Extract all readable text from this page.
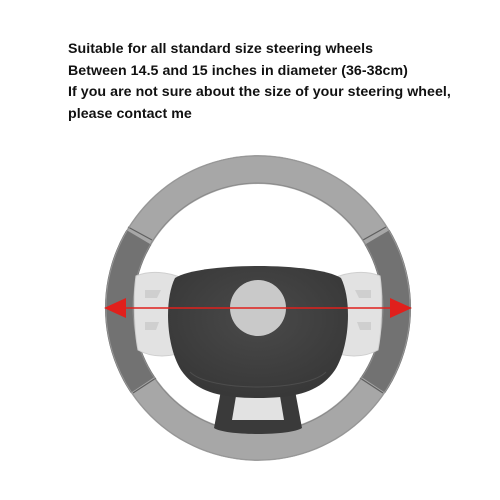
Suitable for all standard size steering wheels
Between 14.5 and 15 inches in diameter (36-38cm)
If you are not sure about the size of your steering wheel,
please contact me
